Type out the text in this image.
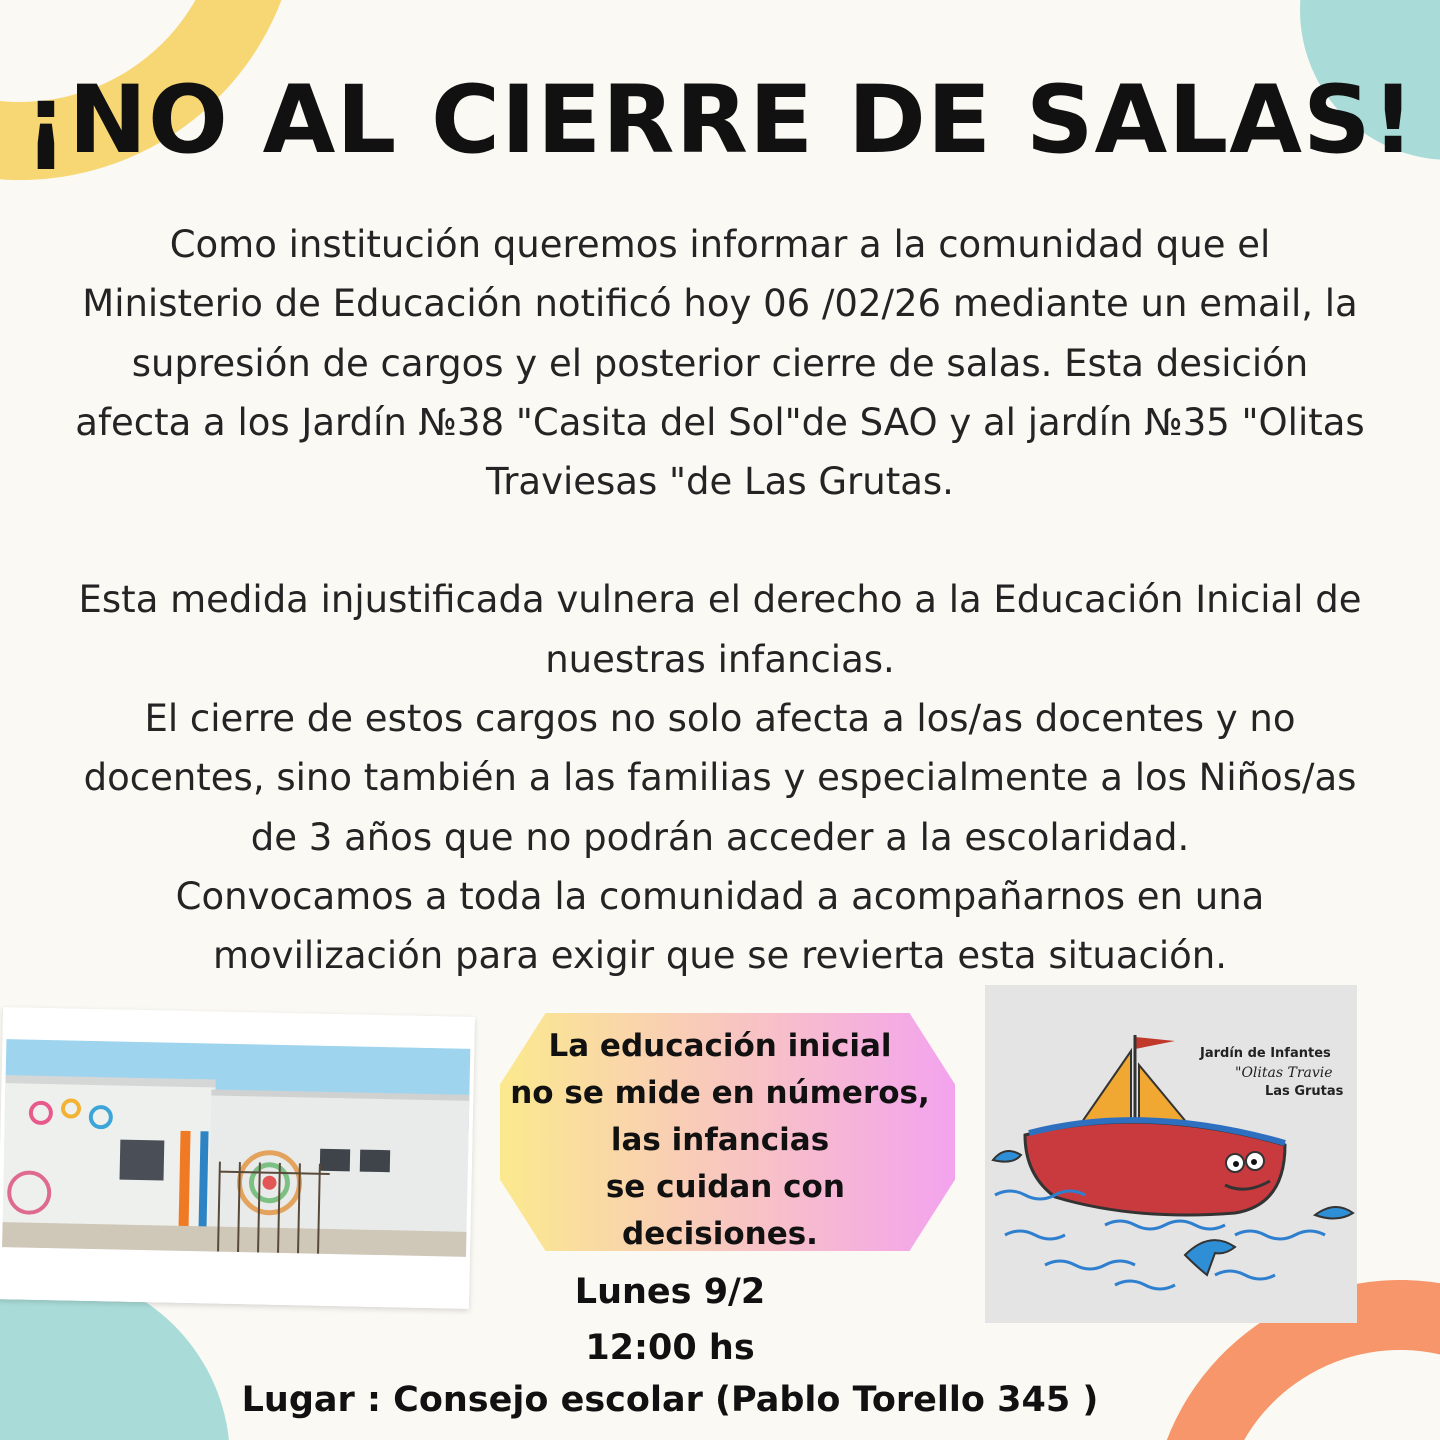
¡NO AL CIERRE DE SALAS!

Como institución queremos informar a la comunidad que el

Ministerio de Educación notificó hoy 06 /02/26 mediante un email, la

supresión de cargos y el posterior cierre de salas. Esta desición

afecta a los Jardín №38 "Casita del Sol"de SAO y al jardín №35 "Olitas

Traviesas "de Las Grutas.

Esta medida injustificada vulnera el derecho a la Educación Inicial de

nuestras infancias.

El cierre de estos cargos no solo afecta a los/as docentes y no

docentes, sino también a las familias y especialmente a los Niños/as

de 3 años que no podrán acceder a la escolaridad.

Convocamos a toda la comunidad a acompañarnos en una

movilización para exigir que se revierta esta situación.

La educación inicial
no se mide en números,
las infancias
se cuidan con
decisiones.
Jardín de Infantes
"Olitas Travie
Las Grutas
Lunes 9/2
12:00 hs
Lugar : Consejo escolar (Pablo Torello 345 )
